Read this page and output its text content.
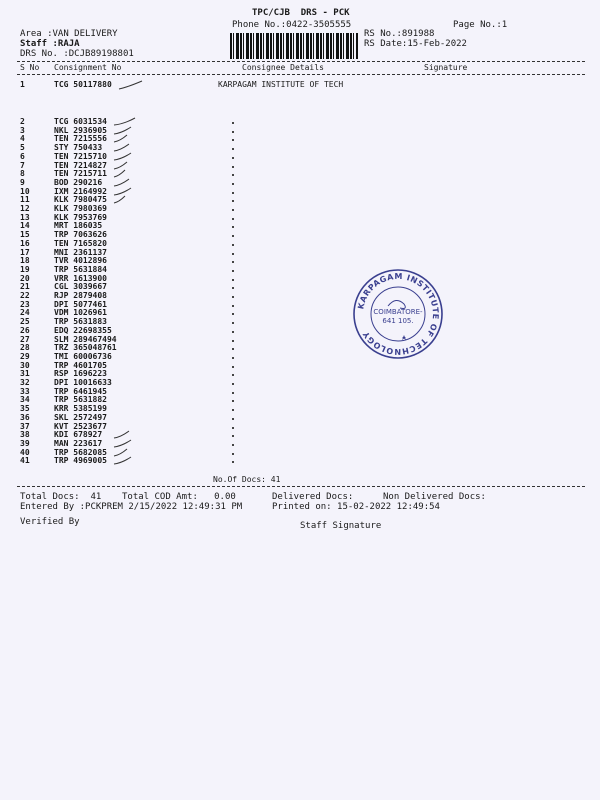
TPC/CJB  DRS - PCK
Phone No.:0422-3505555	Page No.:1
Area :VAN DELIVERY
Staff :RAJA
DRS No. :DCJB89198801
RS No.:891988
RS Date:15-Feb-2022
S No Consignment No	Consignee Details	Signature
1	TCG 50117880	KARPAGAM INSTITUTE OF TECH
2	TCG 6031534
3	NKL 2936905
4	TEN 7215556
5	STY 750433
6	TEN 7215710
7	TEN 7214827
8	TEN 7215711
9	BOD 290216
10	IXM 2164992
11	KLK 7980475
12	KLK 7980369
13	KLK 7953769
14	MRT 186035
15	TRP 7063626
16	TEN 7165820
17	MNI 2361137
18	TVR 4012896
19	TRP 5631884
20	VRR 1613900
21	CGL 3039667
22	RJP 2879408
23	DPI 5077461
24	VDM 1026961
25	TRP 5631883
26	EDQ 22698355
27	SLM 289467494
28	TRZ 365048761
29	TMI 60006736
30	TRP 4601705
31	RSP 1696223
32	DPI 10016633
33	TRP 6461945
34	TRP 5631882
35	KRR 5385199
36	SKL 2572497
37	KVT 2523677
38	KDI 678927
39	MAN 223617
40	TRP 5682085
41	TRP 4969005
KARPAGAM INSTITUTE OF TECHNOLOGY
COIMBATORE-
641 105.
No.Of Docs: 41
Total Docs:  41 Total COD Amt:   0.00	Delivered Docs:	Non Delivered Docs:
Entered By :PCKPREM 2/15/2022 12:49:31 PM	Printed on: 15-02-2022 12:49:54
Verified By	Staff Signature
